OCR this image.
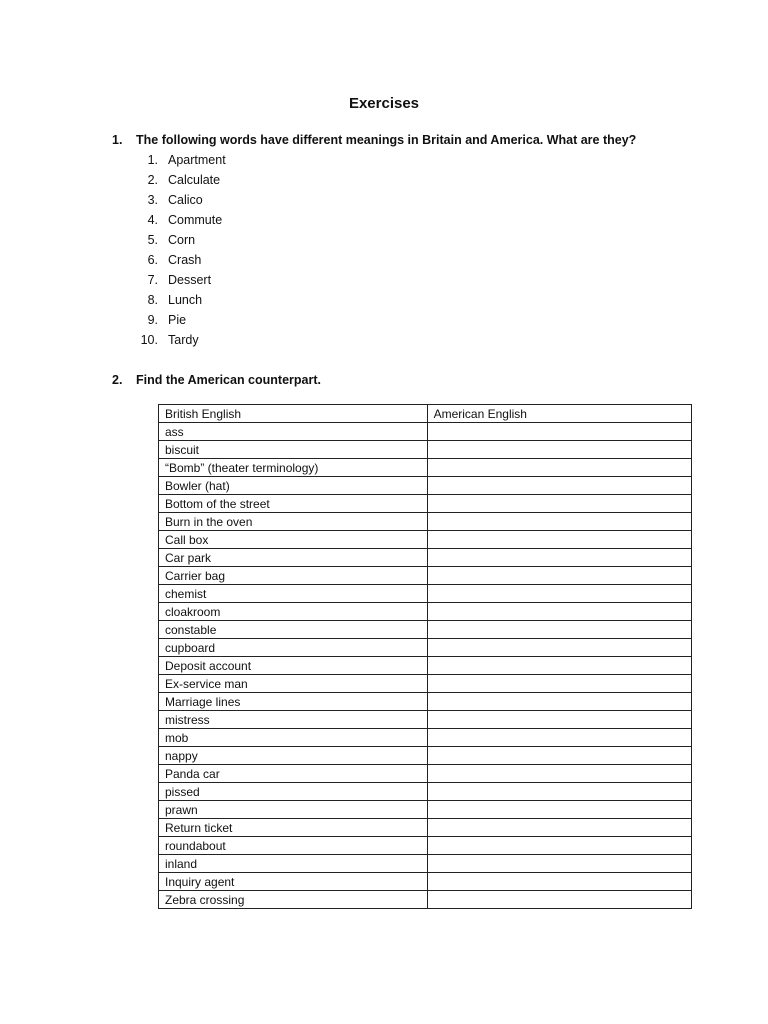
Exercises
1.	The following words have different meanings in Britain and America. What are they?
1. Apartment
2. Calculate
3. Calico
4. Commute
5. Corn
6. Crash
7. Dessert
8. Lunch
9. Pie
10. Tardy
2.	Find the American counterpart.
British English	American English
ass	
biscuit	
“Bomb” (theater terminology)	
Bowler (hat)	
Bottom of the street	
Burn in the oven	
Call box	
Car park	
Carrier bag	
chemist	
cloakroom	
constable	
cupboard	
Deposit account	
Ex-service man	
Marriage lines	
mistress	
mob	
nappy	
Panda car	
pissed	
prawn	
Return ticket	
roundabout	
inland	
Inquiry agent	
Zebra crossing	
